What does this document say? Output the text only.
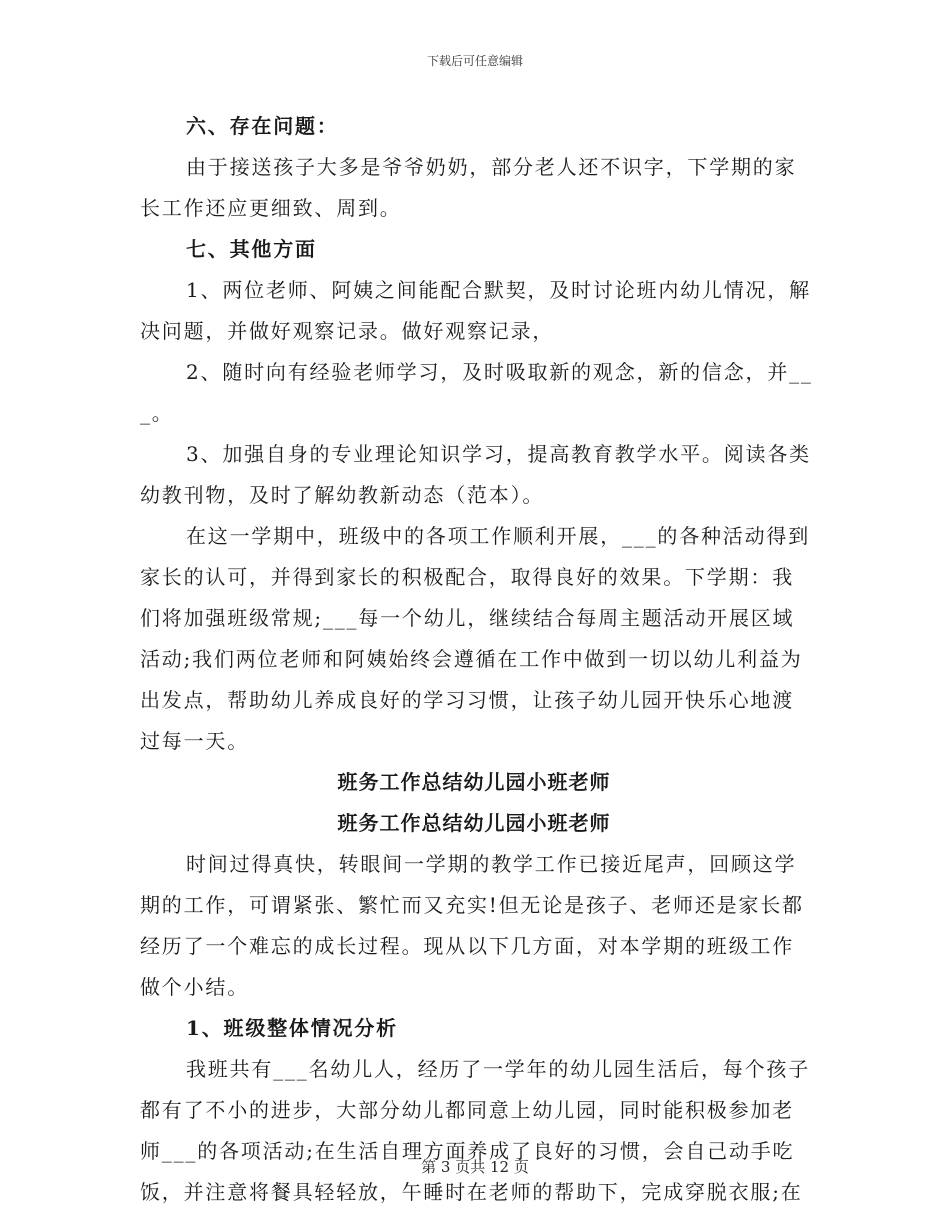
下载后可任意编辑
六、存在问题：
由于接送孩子大多是爷爷奶奶，部分老人还不识字，下学期的家
长工作还应更细致、周到。
七、其他方面
1、两位老师、阿姨之间能配合默契，及时讨论班内幼儿情况，解
决问题，并做好观察记录。做好观察记录，
2、随时向有经验老师学习，及时吸取新的观念，新的信念，并__
_。
3、加强自身的专业理论知识学习，提高教育教学水平。阅读各类
幼教刊物，及时了解幼教新动态（范本）。
在这一学期中，班级中的各项工作顺利开展，___的各种活动得到
家长的认可，并得到家长的积极配合，取得良好的效果。下学期：我
们将加强班级常规;___每一个幼儿，继续结合每周主题活动开展区域
活动;我们两位老师和阿姨始终会遵循在工作中做到一切以幼儿利益为
出发点，帮助幼儿养成良好的学习习惯，让孩子幼儿园开快乐心地渡
过每一天。
班务工作总结幼儿园小班老师
班务工作总结幼儿园小班老师
时间过得真快，转眼间一学期的教学工作已接近尾声，回顾这学
期的工作，可谓紧张、繁忙而又充实!但无论是孩子、老师还是家长都
经历了一个难忘的成长过程。现从以下几方面，对本学期的班级工作
做个小结。
1、班级整体情况分析
我班共有___名幼儿人，经历了一学年的幼儿园生活后，每个孩子
都有了不小的进步，大部分幼儿都同意上幼儿园，同时能积极参加老
师___的各项活动;在生活自理方面养成了良好的习惯，会自己动手吃
饭，并注意将餐具轻轻放，午睡时在老师的帮助下，完成穿脱衣服;在
第 3 页共 12 页
